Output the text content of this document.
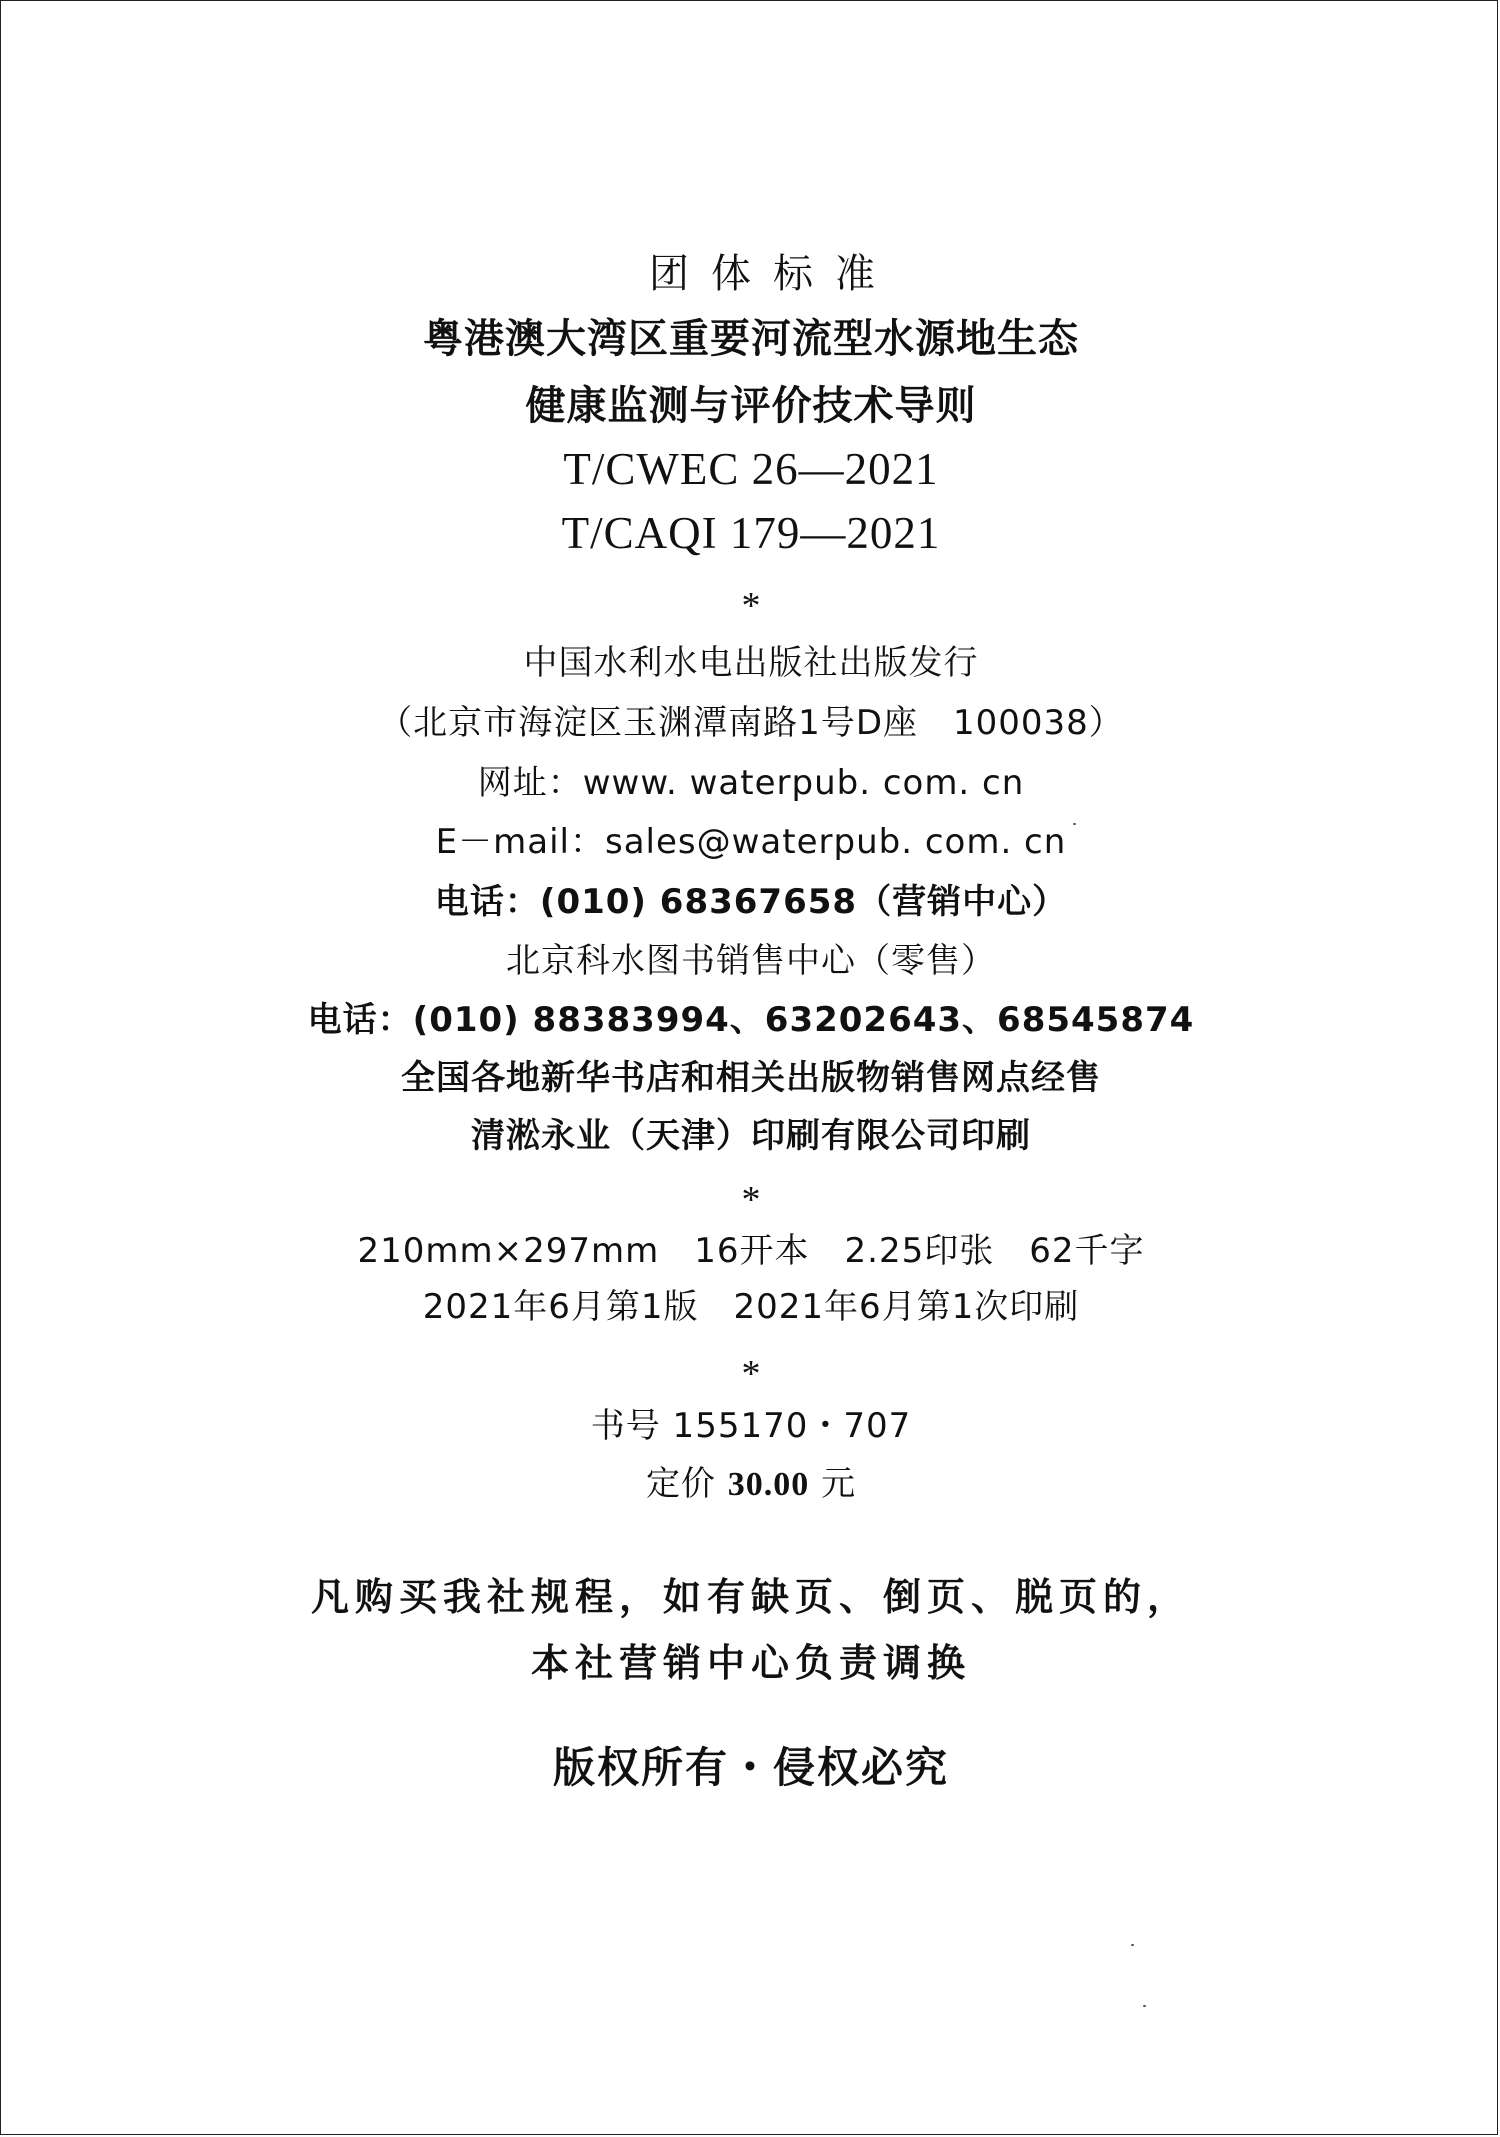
团体标准
粤港澳大湾区重要河流型水源地生态
健康监测与评价技术导则
T/CWEC 26—2021
T/CAQI 179—2021
*
中国水利水电出版社出版发行
（北京市海淀区玉渊潭南路1号D座　100038）
网址：www. waterpub. com. cn
E－mail：sales@waterpub. com. cn
电话：(010) 68367658（营销中心）
北京科水图书销售中心（零售）
电话：(010) 88383994、63202643、68545874
全国各地新华书店和相关出版物销售网点经售
清淞永业（天津）印刷有限公司印刷
*
210mm×297mm　16开本　2.25印张　62千字
2021年6月第1版　2021年6月第1次印刷
*
书号 155170・707
定价 30.00 元
凡购买我社规程，如有缺页、倒页、脱页的，
本社营销中心负责调换
版权所有・侵权必究
